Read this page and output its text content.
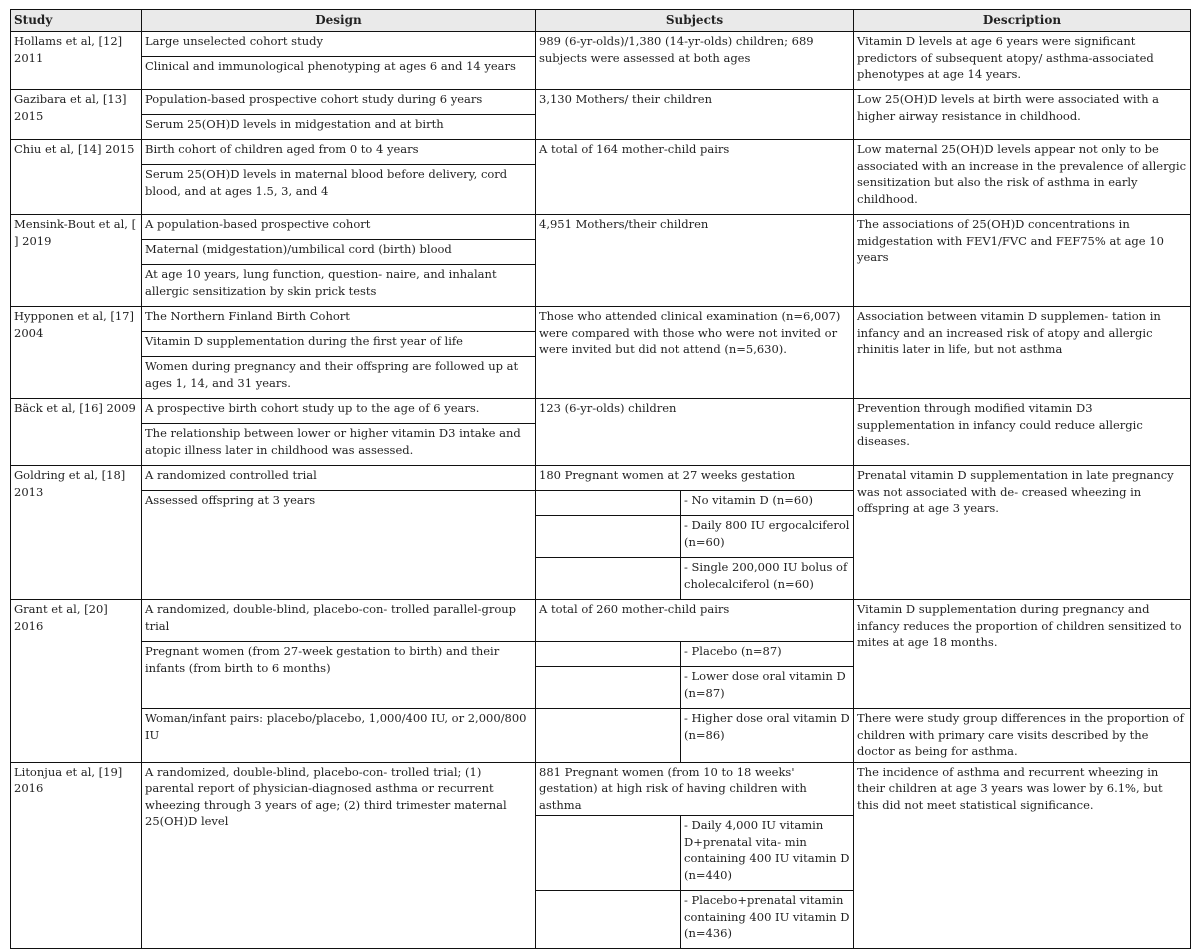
Study	Design	Subjects		Description
Hollams et al, [12] 2011	Large unselected cohort study	989 (6-yr-olds)/1,380 (14-yr-olds) children; 689 subjects were assessed at both ages		Vitamin D levels at age 6 years were significant predictors of subsequent atopy/ asthma-associated phenotypes at age 14 years.
	Clinical and immunological phenotyping at ages 6 and 14 years			
Gazibara et al, [13] 2015	Population-based prospective cohort study during 6 years	3,130 Mothers/ their children		Low 25(OH)D levels at birth were associated with a higher airway resistance in childhood.
	Serum 25(OH)D levels in midgestation and at birth			
Chiu et al, [14] 2015	Birth cohort of children aged from 0 to 4 years	A total of 164 mother-child pairs		Low maternal 25(OH)D levels appear not only to be associated with an increase in the prevalence of allergic sensitization but also the risk of asthma in early childhood.
	Serum 25(OH)D levels in maternal blood before delivery, cord blood, and at ages 1.5, 3, and 4			
Mensink-Bout et al, [ ] 2019	A population-based prospective cohort	4,951 Mothers/their children		The associations of 25(OH)D concentrations in midgestation with FEV1/FVC and FEF75% at age 10 years
	Maternal (midgestation)/umbilical cord (birth) blood			
	At age 10 years, lung function, question- naire, and inhalant allergic sensitization by skin prick tests			
Hypponen et al, [17] 2004	The Northern Finland Birth Cohort	Those who attended clinical examination (n=6,007) were compared with those who were not invited or were invited but did not attend (n=5,630).		Association between vitamin D supplemen- tation in infancy and an increased risk of atopy and allergic rhinitis later in life, but not asthma
	Vitamin D supplementation during the first year of life			
	Women during pregnancy and their offspring are followed up at ages 1, 14, and 31 years.			
Bäck et al, [16] 2009	A prospective birth cohort study up to the age of 6 years.	123 (6-yr-olds) children		Prevention through modified vitamin D3 supplementation in infancy could reduce allergic diseases.
	The relationship between lower or higher vitamin D3 intake and atopic illness later in childhood was assessed.			
Goldring et al, [18] 2013	A randomized controlled trial	180 Pregnant women at 27 weeks gestation		Prenatal vitamin D supplementation in late pregnancy was not associated with de- creased wheezing in offspring at age 3 years.
	Assessed offspring at 3 years		- No vitamin D (n=60)	
			- Daily 800 IU ergocalciferol (n=60)	
			- Single 200,000 IU bolus of cholecalciferol (n=60)	
Grant et al, [20] 2016	A randomized, double-blind, placebo-con- trolled parallel-group trial	A total of 260 mother-child pairs		Vitamin D supplementation during pregnancy and infancy reduces the proportion of children sensitized to mites at age 18 months.
	Pregnant women (from 27-week gestation to birth) and their infants (from birth to 6 months)		- Placebo (n=87)	
			- Lower dose oral vitamin D (n=87)	
	Woman/infant pairs: placebo/placebo, 1,000/400 IU, or 2,000/800 IU		- Higher dose oral vitamin D (n=86)	There were study group differences in the proportion of children with primary care visits described by the doctor as being for asthma.
Litonjua et al, [19] 2016	A randomized, double-blind, placebo-con- trolled trial; (1) parental report of physician-diagnosed asthma or recurrent wheezing through 3 years of age; (2) third trimester maternal 25(OH)D level	881 Pregnant women (from 10 to 18 weeks' gestation) at high risk of having children with asthma		The incidence of asthma and recurrent wheezing in their children at age 3 years was lower by 6.1%, but this did not meet statistical significance.
			- Daily 4,000 IU vitamin D+prenatal vita- min containing 400 IU vitamin D (n=440)	
			- Placebo+prenatal vitamin containing 400 IU vitamin D (n=436)	
